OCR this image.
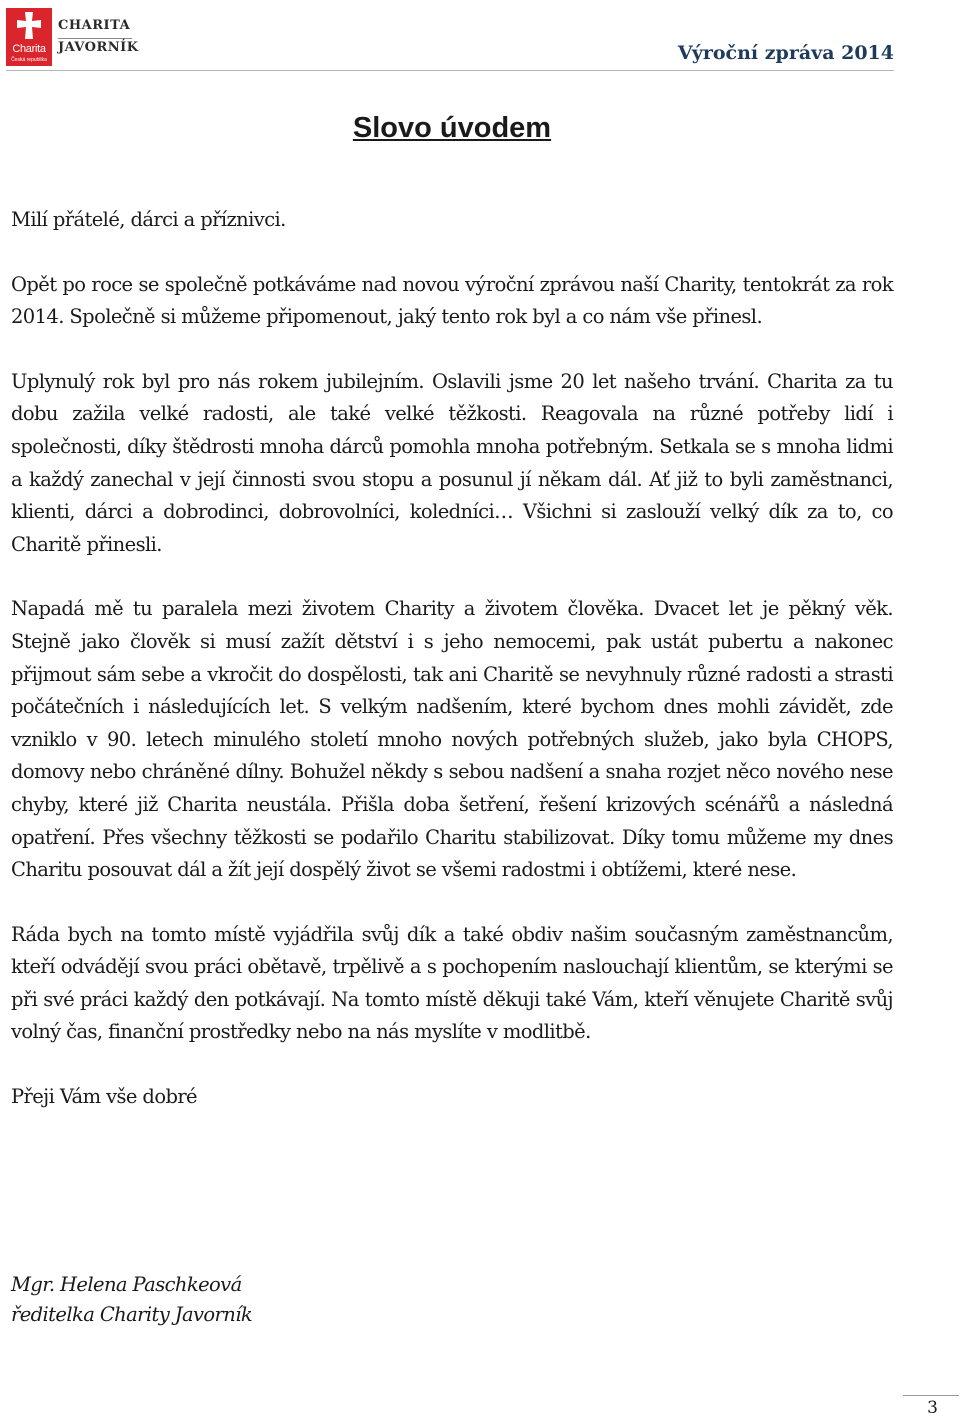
Charita
Česká republika
CHARITA
JAVORNÍK	Výroční zpráva 2014
Slovo úvodem

Milí přátelé, dárci a příznivci.

Opět po roce se společně potkáváme nad novou výroční zprávou naší Charity, tentokrát za rok 2014. Společně si můžeme připomenout, jaký tento rok byl a co nám vše přinesl.

Uplynulý rok byl pro nás rokem jubilejním. Oslavili jsme 20 let našeho trvání. Charita za tu dobu zažila velké radosti, ale také velké těžkosti. Reagovala na různé potřeby lidí i společnosti, díky štědrosti mnoha dárců pomohla mnoha potřebným. Setkala se s mnoha lidmi a každý zanechal v její činnosti svou stopu a posunul jí někam dál. Ať již to byli zaměstnanci, klienti, dárci a dobrodinci, dobrovolníci, koledníci… Všichni si zaslouží velký dík za to, co Charitě přinesli.

Napadá mě tu paralela mezi životem Charity a životem člověka. Dvacet let je pěkný věk. Stejně jako člověk si musí zažít dětství i s jeho nemocemi, pak ustát pubertu a nakonec přijmout sám sebe a vkročit do dospělosti, tak ani Charitě se nevyhnuly různé radosti a strasti počátečních i následujících let. S velkým nadšením, které bychom dnes mohli závidět, zde vzniklo v 90. letech minulého století mnoho nových potřebných služeb, jako byla CHOPS, domovy nebo chráněné dílny. Bohužel někdy s sebou nadšení a snaha rozjet něco nového nese chyby, které již Charita neustála. Přišla doba šetření, řešení krizových scénářů a následná opatření. Přes všechny těžkosti se podařilo Charitu stabilizovat. Díky tomu můžeme my dnes Charitu posouvat dál a žít její dospělý život se všemi radostmi i obtížemi, které nese.

Ráda bych na tomto místě vyjádřila svůj dík a také obdiv našim současným zaměstnancům, kteří odvádějí svou práci obětavě, trpělivě a s pochopením naslouchají klientům, se kterými se při své práci každý den potkávají. Na tomto místě děkuji také Vám, kteří věnujete Charitě svůj volný čas, finanční prostředky nebo na nás myslíte v modlitbě.

Přeji Vám vše dobré

Mgr. Helena Paschkeová
ředitelka Charity Javorník
3
